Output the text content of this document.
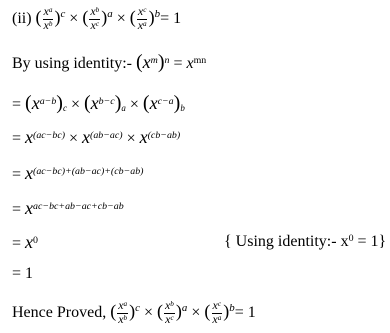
(ii) ( $\frac{x^a}{x^b} )^c$ × ( $\frac{x^b}{x^c} )^a$ × ( $\frac{x^c}{x^a} )^b= 1$
By using identity:- $(x^m)^n = x^{mn}$
= $(x^{a-b})c \times (x^{b-c})a \times (x^{c-a})b$
= $x^{(ac-bc)} \times x^{(ab-ac)} \times x^{(cb-ab)}$
= $x^{(ac-bc)+(ab-ac)+(cb-ab)}$
= $x^{ac-bc+ab-ac+cb-ab}$
= $x^0$	{ Using identity:- $x^0 = 1$}
= 1
Hence Proved, ( $\frac{x^a}{x^b} )^c$ × ( $\frac{x^b}{x^c} )^a$ × ( $\frac{x^c}{x^a} )^b= 1$
